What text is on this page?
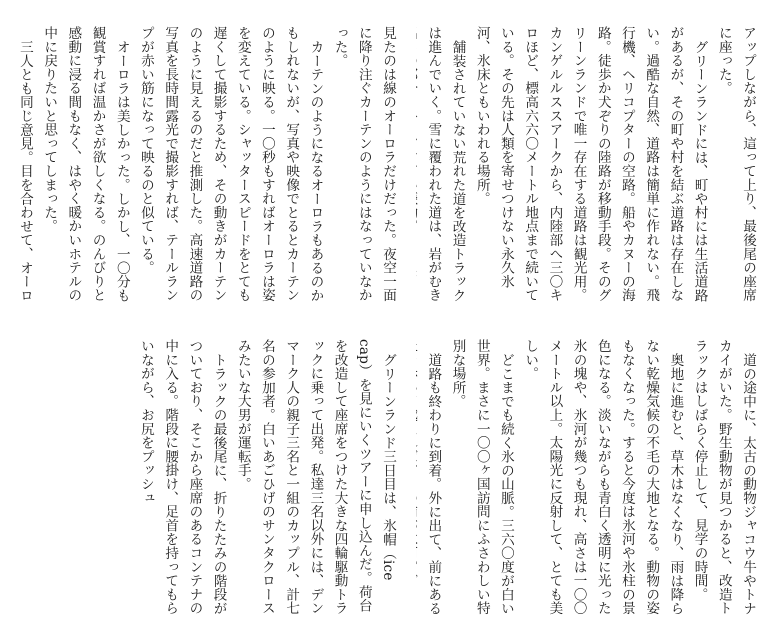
見たのは線のオーロラだけだった。夜空一面に降り注ぐカーテンのようにはなっていなかった。

カーテンのようになるオーロラもあるのかもしれないが、写真や映像でとるとカーテンのように映る。一〇秒もすればオーロラは姿を変えている。シャッタースピードをとても遅くして撮影するため、その動きがカーテンのように見えるのだと推測した。高速道路の写真を長時間露光で撮影すれば、テールランプが赤い筋になって映るのと似ている。

オーロラは美しかった。しかし、一〇分も観賞すれば温かさが欲しくなる。のんびりと感動に浸る間もなく、はやく暖かいホテルの中に戻りたいと思ってしまった。

三人とも同じ意見。目を合わせて、オーロ

グリーンランド三日目は、氷帽（ice cap）を見にいくツアーに申し込んだ。荷台を改造して座席をつけた大きな四輪駆動トラックに乗って出発。私達三名以外には、デンマーク人の親子三名と一組のカップル、計七名の参加者。白いあごひげのサンタクロースみたいな大男が運転手。

トラックの最後尾に、折りたたみの階段がついており、そこから座席のあるコンテナの中に入る。階段に腰掛け、足首を持ってもらいながら、お尻をプッシュ

アップしながら、這って上り、最後尾の座席に座った。

グリーンランドには、町や村には生活道路があるが、その町や村を結ぶ道路は存在しない。過酷な自然、道路は簡単に作れない。飛行機、ヘリコプターの空路。船やカヌーの海路。徒歩か犬ぞりの陸路が移動手段。そのグリーンランドで唯一存在する道路は観光用。カンゲルルススアークから、内陸部へ三〇キロほど、標高六六〇メートル地点まで続いている。その先は人類を寄せつけない永久氷河、氷床ともいわれる場所。

舗装されていない荒れた道を改造トラックは進んでいく。雪に覆われた道は、岩がむき

道の途中に、太古の動物ジャコウ牛やトナカイがいた。野生動物が見つかると、改造トラックはしばらく停止して、見学の時間。

奥地に進むと、草木はなくなり、雨は降らない乾燥気候の不毛の大地となる。動物の姿もなくなった。すると今度は氷河や氷柱の景色になる。淡いながらも青白く透明に光った氷の塊や、氷河が幾つも現れ、高さは一〇〇メートル以上。太陽光に反射して、とても美しい。

どこまでも続く氷の山脈。三六〇度が白い世界。まさに一〇〇ヶ国訪問にふさわしい特別な場所。

道路も終わりに到着。外に出て、前にある
